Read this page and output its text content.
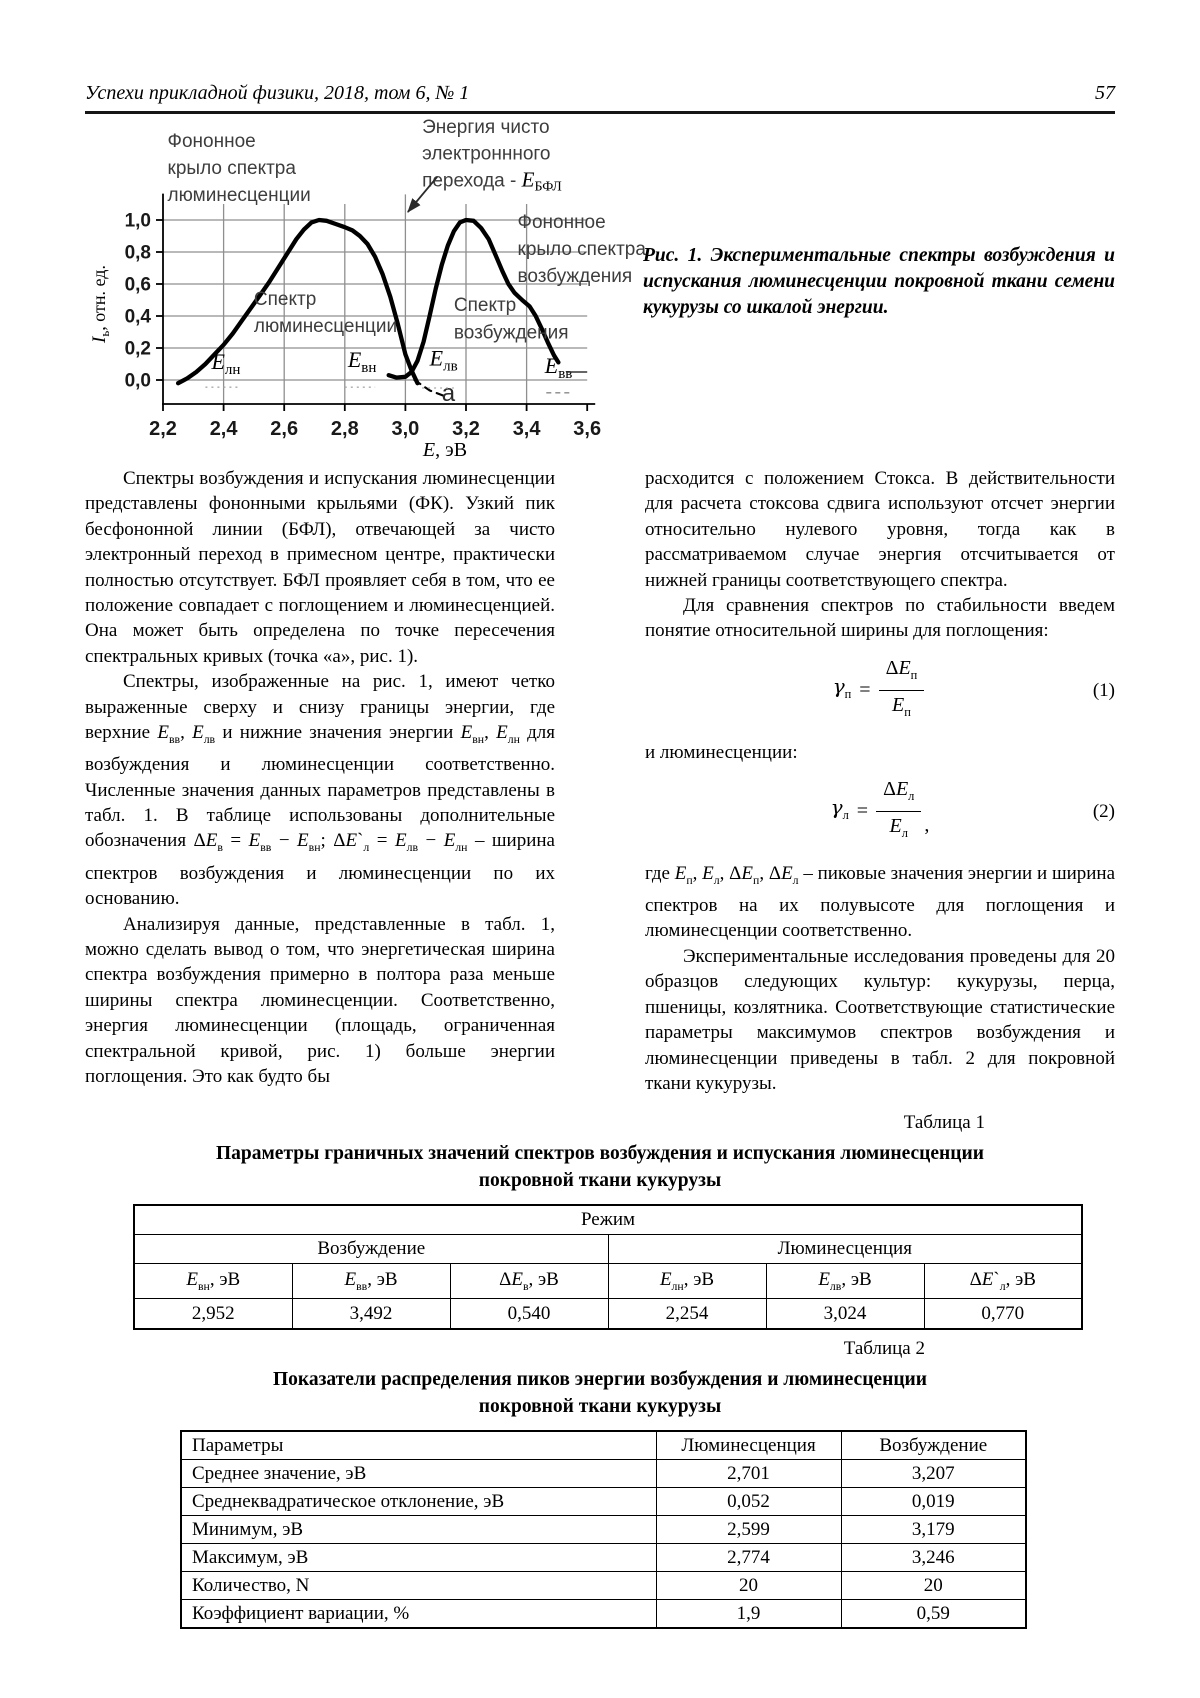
Успехи прикладной физики, 2018, том 6, № 1	57
0,0
0,2
0,4
0,6
0,8
1,0
2,2 2,4 2,6 2,8 3,0 3,2 3,4 3,6
E, эВ
$I_ь$, отн. ед.
Фононное
крыло спектра
люминесценции
Энергия чисто
электроннного
перехода - $E_{БФЛ}$
Фононное
крыло спектра
возбуждения
Спектр
люминесценции
Спектр
возбуждения
$E_{лн}$	$E_{вн}$ $E_{лв}$	$E_{вв}$
a
Рис. 1. Экспериментальные спектры возбуждения и испускания люминесценции покровной ткани семени кукурузы со шкалой энергии.

Спектры возбуждения и испускания люминесценции представлены фононными крыльями (ФК). Узкий пик бесфононной линии (БФЛ), отвечающей за чисто электронный переход в примесном центре, практически полностью отсутствует. БФЛ проявляет себя в том, что ее положение совпадает с поглощением и люминесценцией. Она может быть определена по точке пересечения спектральных кривых (точка «а», рис. 1).

Спектры, изображенные на рис. 1, имеют четко выраженные сверху и снизу границы энергии, где верхние $E_{вв}$, $E_{лв}$ и нижние значения энергии $E_{вн}$, $E_{лн}$ для возбуждения и люминесценции соответственно. Численные значения данных параметров представлены в табл. 1. В таблице использованы дополнительные обозначения $\Delta E_в = E_{вв} - E_{вн}$; $\Delta E`_л = E_{лв} - E_{лн}$ – ширина спектров возбуждения и люминесценции по их основанию.

Анализируя данные, представленные в табл. 1, можно сделать вывод о том, что энергетическая ширина спектра возбуждения примерно в полтора раза меньше ширины спектра люминесценции. Соответственно, энергия люминесценции (площадь, ограниченная спектральной кривой, рис. 1) больше энергии поглощения. Это как будто бы

расходится с положением Стокса. В действительности для расчета стоксова сдвига используют отсчет энергии относительно нулевого уровня, тогда как в рассматриваемом случае энергия отсчитывается от нижней границы соответствующего спектра.

Для сравнения спектров по стабильности введем понятие относительной ширины для поглощения:

$\gamma_п = \frac{\Delta E_п}{E_п}$	(1)

и люминесценции:

$\gamma_л = \frac{\Delta E_л}{E_л}$ ,
(2)

где $E_п$, $E_л$, $\Delta E_п$, $\Delta E_л$ – пиковые значения энергии и ширина спектров на их полувысоте для поглощения и люминесценции соответственно.

Экспериментальные исследования проведены для 20 образцов следующих культур: кукурузы, перца, пшеницы, козлятника. Соответствующие статистические параметры максимумов спектров возбуждения и люминесценции приведены в табл. 2 для покровной ткани кукурузы.

Таблица 1
Параметры граничных значений спектров возбуждения и испускания люминесценции
покровной ткани кукурузы
Режим					
Возбуждение			Люминесценция		
$E_{вн}$, эВ	$E_{вв}$, эВ	$\Delta E_в$, эВ	$E_{лн}$, эВ	$E_{лв}$, эВ	$\Delta E`_л$, эВ
2,952	3,492	0,540	2,254	3,024	0,770
Таблица 2
Показатели распределения пиков энергии возбуждения и люминесценции
покровной ткани кукурузы
Параметры	Люминесценция	Возбуждение
Среднее значение, эВ	2,701	3,207
Среднеквадратическое отклонение, эВ	0,052	0,019
Минимум, эВ	2,599	3,179
Максимум, эВ	2,774	3,246
Количество, N	20	20
Коэффициент вариации, %	1,9	0,59
